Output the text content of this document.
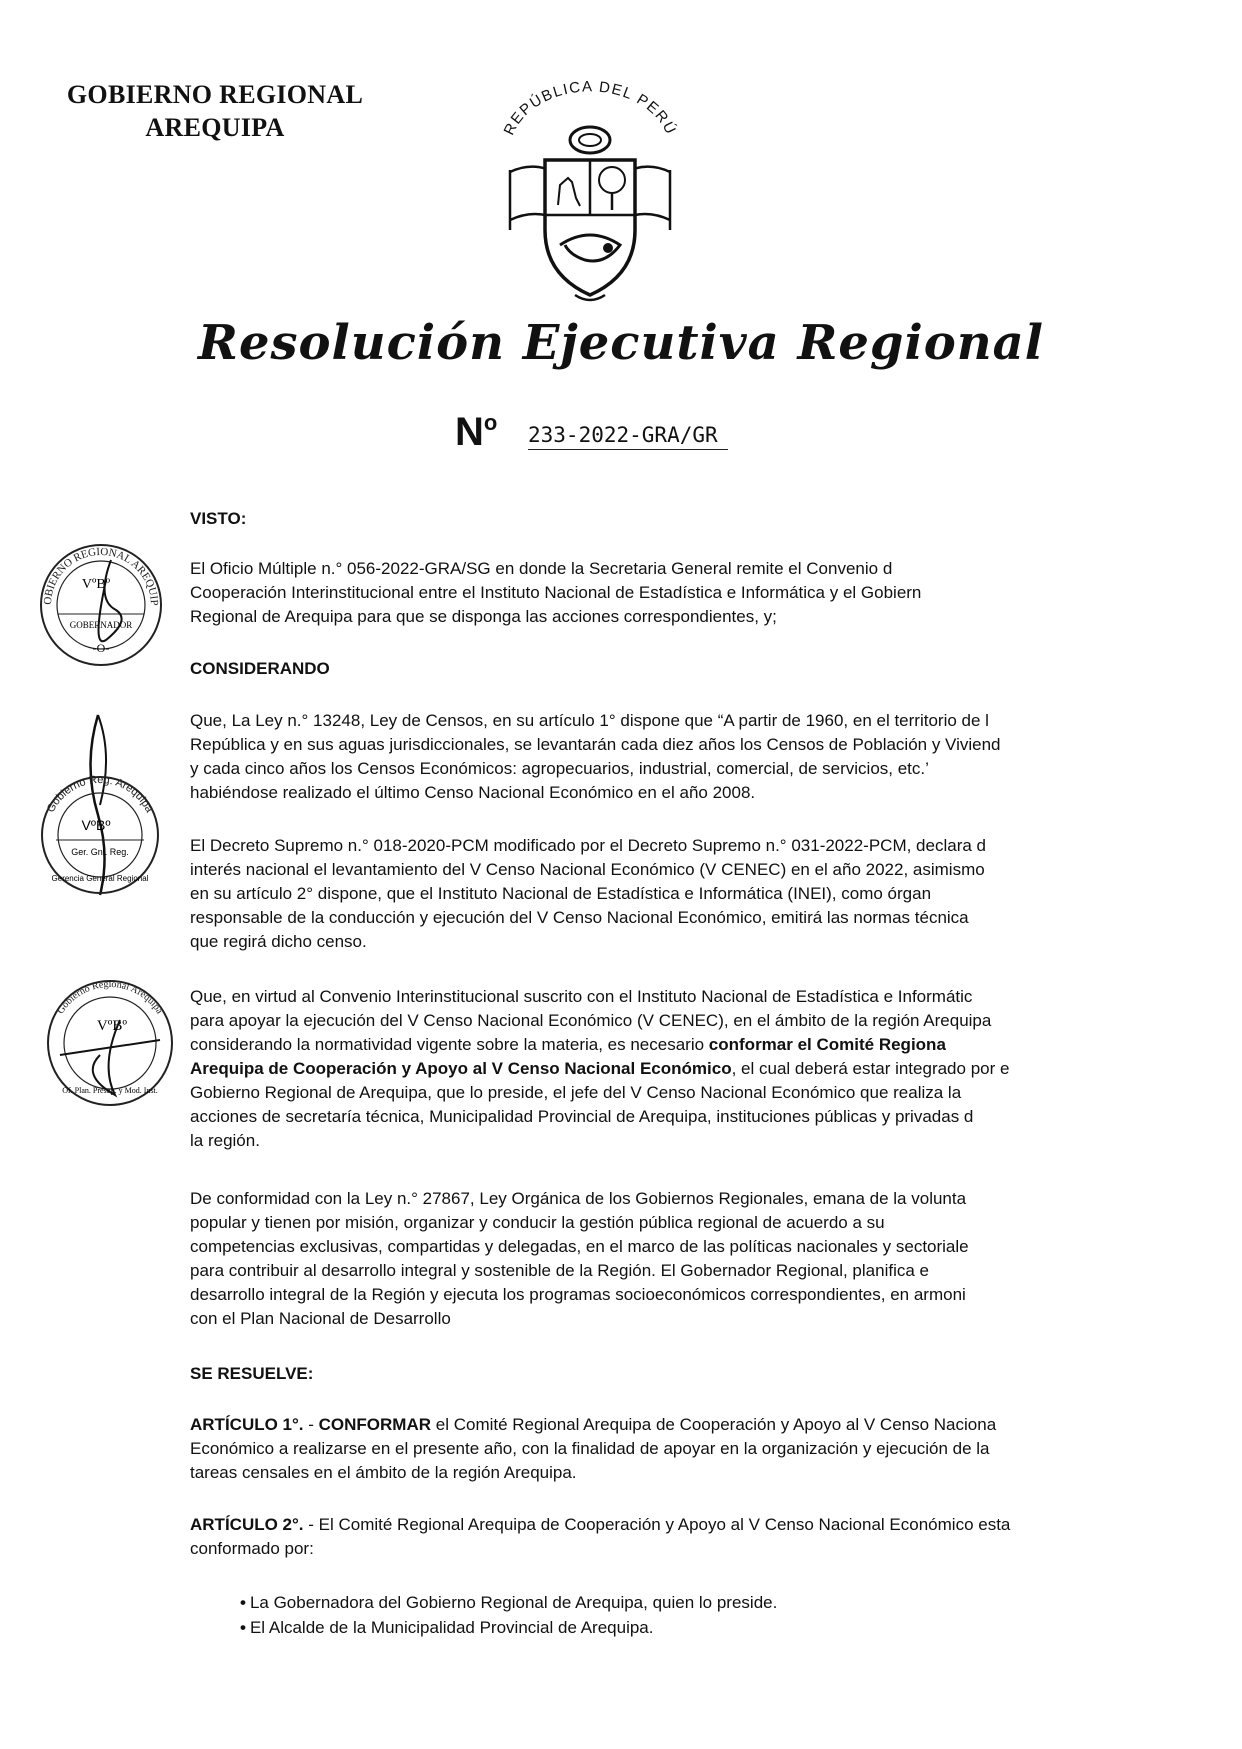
GOBIERNO REGIONAL
AREQUIPA	REPÚBLICA DEL PERÚ
Resolución Ejecutiva Regional
No 233-2022-GRA/GR
VISTO:

El Oficio Múltiple n.° 056-2022-GRA/SG en donde la Secretaria General remite el Convenio d

Cooperación Interinstitucional entre el Instituto Nacional de Estadística e Informática y el Gobiern

Regional de Arequipa para que se disponga las acciones correspondientes, y;

CONSIDERANDO

Que, La Ley n.° 13248, Ley de Censos, en su artículo 1° dispone que “A partir de 1960, en el territorio de l

República y en sus aguas jurisdiccionales, se levantarán cada diez años los Censos de Población y Viviend

y cada cinco años los Censos Económicos: agropecuarios, industrial, comercial, de servicios, etc.’

habiéndose realizado el último Censo Nacional Económico en el año 2008.

El Decreto Supremo n.° 018-2020-PCM modificado por el Decreto Supremo n.° 031-2022-PCM, declara d

interés nacional el levantamiento del V Censo Nacional Económico (V CENEC) en el año 2022, asimismo

en su artículo 2° dispone, que el Instituto Nacional de Estadística e Informática (INEI), como órgan

responsable de la conducción y ejecución del V Censo Nacional Económico, emitirá las normas técnica

que regirá dicho censo.

Que, en virtud al Convenio Interinstitucional suscrito con el Instituto Nacional de Estadística e Informátic

para apoyar la ejecución del V Censo Nacional Económico (V CENEC), en el ámbito de la región Arequipa

considerando la normatividad vigente sobre la materia, es necesario conformar el Comité Regiona

Arequipa de Cooperación y Apoyo al V Censo Nacional Económico, el cual deberá estar integrado por e

Gobierno Regional de Arequipa, que lo preside, el jefe del V Censo Nacional Económico que realiza la

acciones de secretaría técnica, Municipalidad Provincial de Arequipa, instituciones públicas y privadas d

la región.

De conformidad con la Ley n.° 27867, Ley Orgánica de los Gobiernos Regionales, emana de la volunta

popular y tienen por misión, organizar y conducir la gestión pública regional de acuerdo a su

competencias exclusivas, compartidas y delegadas, en el marco de las políticas nacionales y sectoriale

para contribuir al desarrollo integral y sostenible de la Región. El Gobernador Regional, planifica e

desarrollo integral de la Región y ejecuta los programas socioeconómicos correspondientes, en armoni

con el Plan Nacional de Desarrollo

SE RESUELVE:

ARTÍCULO 1°. - CONFORMAR el Comité Regional Arequipa de Cooperación y Apoyo al V Censo Naciona

Económico a realizarse en el presente año, con la finalidad de apoyar en la organización y ejecución de la

tareas censales en el ámbito de la región Arequipa.

ARTÍCULO 2°. - El Comité Regional Arequipa de Cooperación y Apoyo al V Censo Nacional Económico esta

conformado por:

• La Gobernadora del Gobierno Regional de Arequipa, quien lo preside.
• El Alcalde de la Municipalidad Provincial de Arequipa.
OBIERNO REGIONAL AREQUIP
VºBº
GOBERNADOR
-O-
Gobierno Reg. Arequipa
VºBº
Ger. Gnl. Reg.
Gerencia General Regional
Gobierno Regional Arequipa
VºBº
Of. Plan. Presup. y Mod. Inst.
